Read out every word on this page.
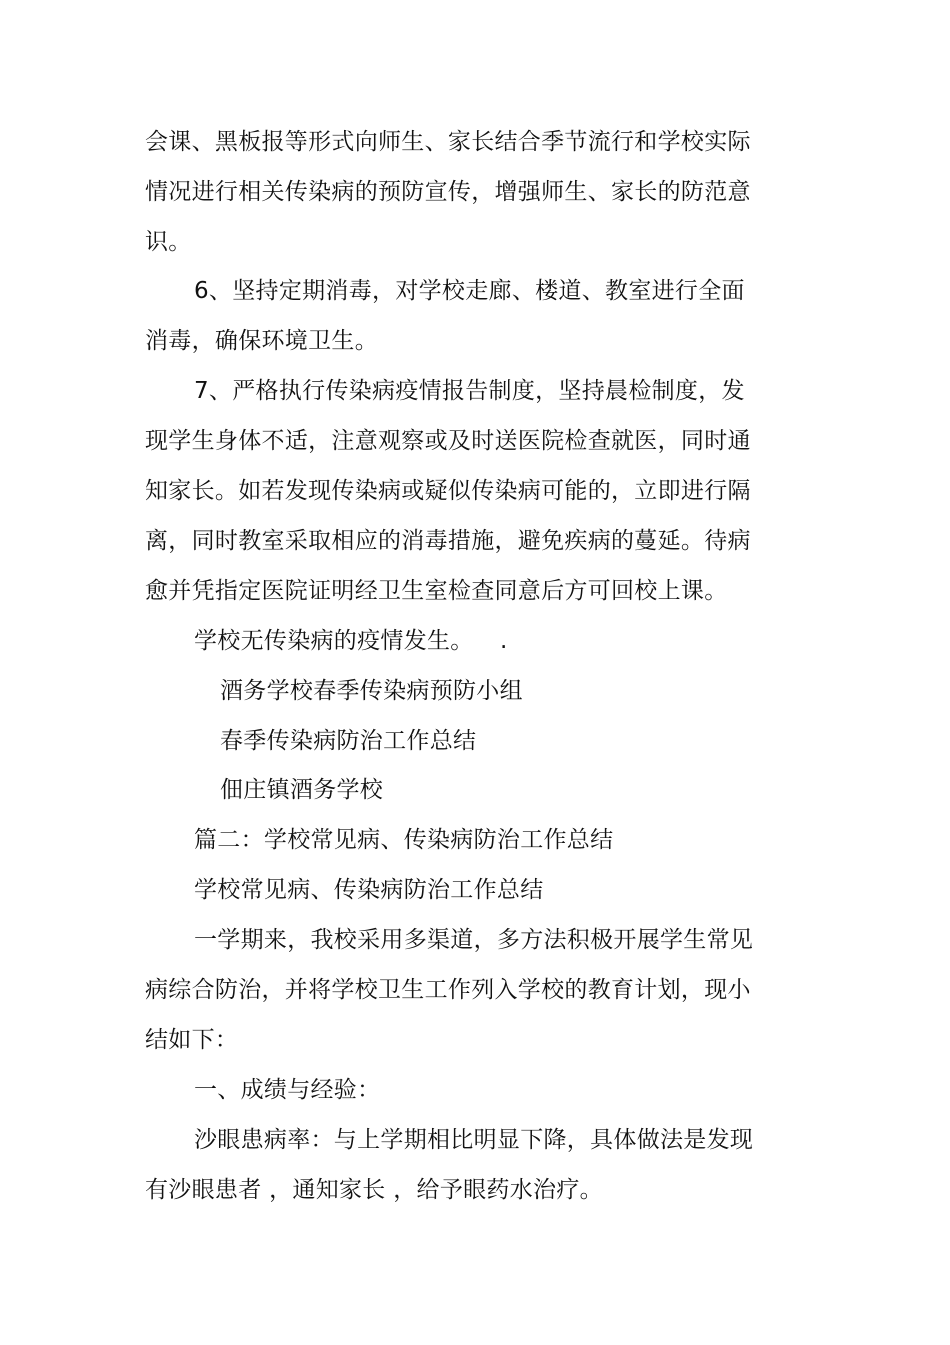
会课、黑板报等形式向师生、家长结合季节流行和学校实际
情况进行相关传染病的预防宣传，增强师生、家长的防范意
识。
6、坚持定期消毒，对学校走廊、楼道、教室进行全面
消毒，确保环境卫生。
7、严格执行传染病疫情报告制度，坚持晨检制度，发
现学生身体不适，注意观察或及时送医院检查就医，同时通
知家长。如若发现传染病或疑似传染病可能的，立即进行隔
离，同时教室采取相应的消毒措施，避免疾病的蔓延。待病
愈并凭指定医院证明经卫生室检查同意后方可回校上课。
学校无传染病的疫情发生。 .
酒务学校春季传染病预防小组
春季传染病防治工作总结
佃庄镇酒务学校
篇二：学校常见病、传染病防治工作总结
学校常见病、传染病防治工作总结
一学期来，我校采用多渠道，多方法积极开展学生常见
病综合防治，并将学校卫生工作列入学校的教育计划，现小
结如下：
一、成绩与经验：
沙眼患病率：与上学期相比明显下降，具体做法是发现
有沙眼患者 ，通知家长 ，给予眼药水治疗。
